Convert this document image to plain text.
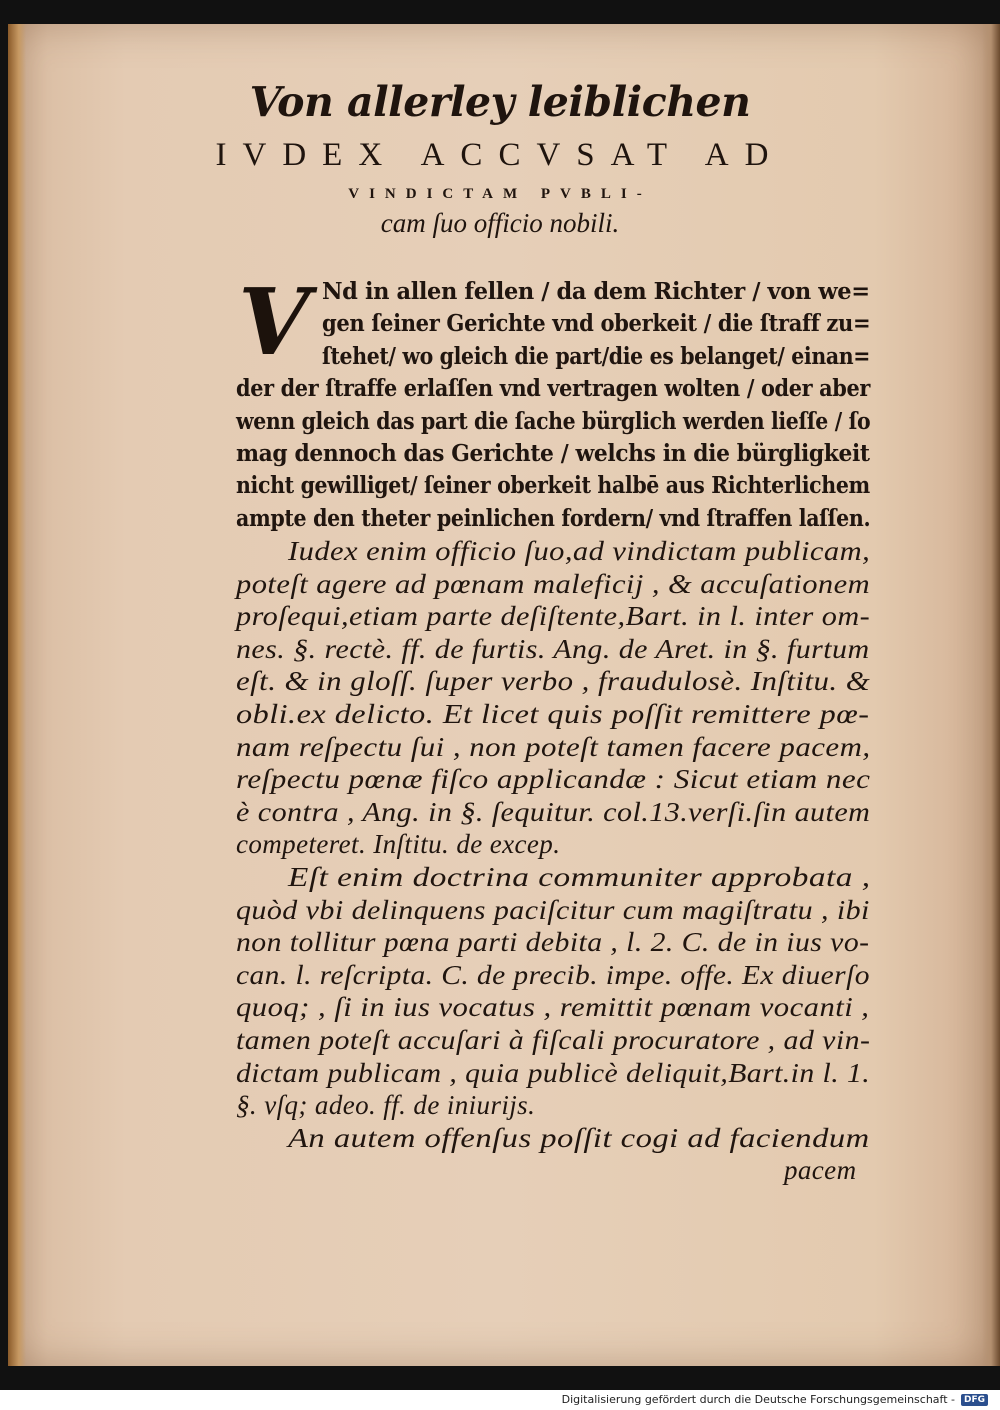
Von allerley leiblichen
IVDEX ACCVSAT AD
VINDICTAM PVBLI-
cam ſuo officio nobili.
V Nd in allen fellen / da dem Richter / von we=
gen ſeiner Gerichte vnd oberkeit / die ſtraff zu=
ſtehet/ wo gleich die part/die es belanget/ einan=
der der ſtraffe erlaſſen vnd vertragen wolten / oder aber
wenn gleich das part die ſache bürglich werden lieſſe / ſo
mag dennoch das Gerichte / welchs in die bürgligkeit
nicht gewilliget/ ſeiner oberkeit halbē aus Richterlichem
ampte den theter peinlichen fordern/ vnd ſtraffen laſſen.
Iudex enim officio ſuo,ad vindictam publicam,
poteſt agere ad pœnam maleficij , & accuſationem
proſequi,etiam parte deſiſtente,Bart. in l. inter om-
nes. §. rectè. ff. de furtis. Ang. de Aret. in §. furtum
eſt. & in gloſſ. ſuper verbo , fraudulosè. Inſtitu. &
obli.ex delicto. Et licet quis poſſit remittere pœ-
nam reſpectu ſui , non poteſt tamen facere pacem,
reſpectu pœnæ fiſco applicandæ : Sicut etiam nec
è contra , Ang. in §. ſequitur. col.13.verſi.ſin autem
competeret. Inſtitu. de excep.
Eſt enim doctrina communiter approbata ,
quòd vbi delinquens paciſcitur cum magiſtratu , ibi
non tollitur pœna parti debita , l. 2. C. de in ius vo-
can. l. reſcripta. C. de precib. impe. offe. Ex diuerſo
quoq; , ſi in ius vocatus , remittit pœnam vocanti ,
tamen poteſt accuſari à fiſcali procuratore , ad vin-
dictam publicam , quia publicè deliquit,Bart.in l. 1.
§. vſq; adeo. ff. de iniurijs.
An autem offenſus poſſit cogi ad faciendum
pacem
Digitalisierung gefördert durch die Deutsche Forschungsgemeinschaft -	DFG
